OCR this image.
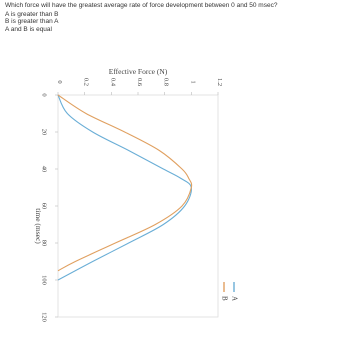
Which force will have the greatest average rate of force development between 0 and 50 msec?

A is greater than B

B is greater than A

A and B is equal

0	0.2	0.4	0.6	0.8	1	1.2
0
20
40
60
80
100
120
Effective Force (N)
time (msec)
A
B
